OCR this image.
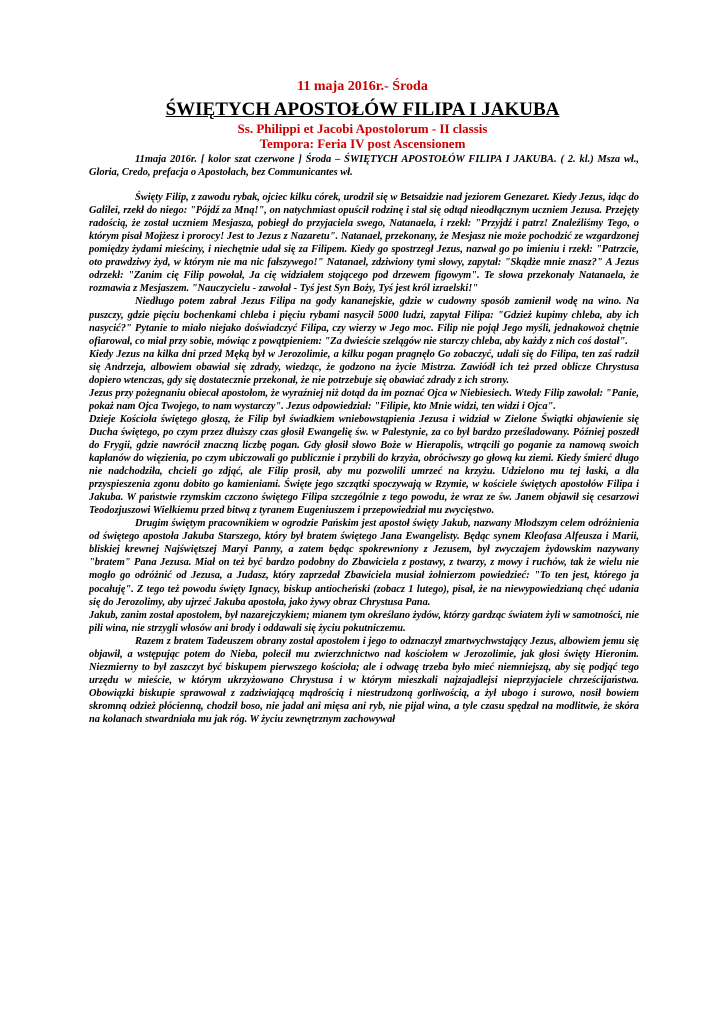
11 maja 2016r.- Środa
ŚWIĘTYCH APOSTOŁÓW FILIPA I JAKUBA
Ss. Philippi et Jacobi Apostolorum - II classis
Tempora: Feria IV post Ascensionem

11maja 2016r. [ kolor szat czerwone ] Środa – ŚWIĘTYCH APOSTOŁÓW FILIPA I JAKUBA. ( 2. kl.) Msza wł., Gloria, Credo, prefacja o Apostołach, bez Communicantes wł.

Święty Filip, z zawodu rybak, ojciec kilku córek, urodził się w Betsaidzie nad jeziorem Genezaret. Kiedy Jezus, idąc do Galilei, rzekł do niego: "Pójdź za Mną!", on natychmiast opuścił rodzinę i stał się odtąd nieodłącznym uczniem Jezusa. Przejęty radością, że został uczniem Mesjasza, pobiegł do przyjaciela swego, Natanaela, i rzekł: "Przyjdź i patrz! Znaleźliśmy Tego, o którym pisał Mojżesz i prorocy! Jest to Jezus z Nazaretu". Natanael, przekonany, że Mesjasz nie może pochodzić ze wzgardzonej pomiędzy żydami mieściny, i niechętnie udał się za Filipem. Kiedy go spostrzegł Jezus, nazwał go po imieniu i rzekł: "Patrzcie, oto prawdziwy żyd, w którym nie ma nic fałszywego!" Natanael, zdziwiony tymi słowy, zapytał: "Skądże mnie znasz?" A Jezus odrzekł: "Zanim cię Filip powołał, Ja cię widziałem stojącego pod drzewem figowym". Te słowa przekonały Natanaela, że rozmawia z Mesjaszem. "Nauczycielu - zawołał - Tyś jest Syn Boży, Tyś jest król izraelski!"

Niedługo potem zabrał Jezus Filipa na gody kananejskie, gdzie w cudowny sposób zamienił wodę na wino. Na puszczy, gdzie pięciu bochenkami chleba i pięciu rybami nasycił 5000 ludzi, zapytał Filipa: "Gdzież kupimy chleba, aby ich nasycić?" Pytanie to miało niejako doświadczyć Filipa, czy wierzy w Jego moc. Filip nie pojął Jego myśli, jednakowoż chętnie ofiarował, co miał przy sobie, mówiąc z powątpieniem: "Za dwieście szelągów nie starczy chleba, aby każdy z nich coś dostał".

Kiedy Jezus na kilka dni przed Męką był w Jerozolimie, a kilku pogan pragnęło Go zobaczyć, udali się do Filipa, ten zaś radził się Andrzeja, albowiem obawiał się zdrady, wiedząc, że godzono na życie Mistrza. Zawiódł ich też przed oblicze Chrystusa dopiero wtenczas, gdy się dostatecznie przekonał, że nie potrzebuje się obawiać zdrady z ich strony.

Jezus przy pożegnaniu obiecał apostołom, że wyraźniej niż dotąd da im poznać Ojca w Niebiesiech. Wtedy Filip zawołał: "Panie, pokaż nam Ojca Twojego, to nam wystarczy". Jezus odpowiedział: "Filipie, kto Mnie widzi, ten widzi i Ojca".

Dzieje Kościoła świętego głoszą, że Filip był świadkiem wniebowstąpienia Jezusa i widział w Zielone Świątki objawienie się Ducha świętego, po czym przez dłuższy czas głosił Ewangelię św. w Palestynie, za co był bardzo prześladowany. Później poszedł do Frygii, gdzie nawrócił znaczną liczbę pogan. Gdy głosił słowo Boże w Hierapolis, wtrącili go poganie za namową swoich kapłanów do więzienia, po czym ubiczowali go publicznie i przybili do krzyża, obróciwszy go głową ku ziemi. Kiedy śmierć długo nie nadchodziła, chcieli go zdjąć, ale Filip prosił, aby mu pozwolili umrzeć na krzyżu. Udzielono mu tej łaski, a dla przyspieszenia zgonu dobito go kamieniami. Święte jego szczątki spoczywają w Rzymie, w kościele świętych apostołów Filipa i Jakuba. W państwie rzymskim czczono świętego Filipa szczególnie z tego powodu, że wraz ze św. Janem objawił się cesarzowi Teodozjuszowi Wielkiemu przed bitwą z tyranem Eugeniuszem i przepowiedział mu zwycięstwo.

Drugim świętym pracownikiem w ogrodzie Pańskim jest apostoł święty Jakub, nazwany Młodszym celem odróżnienia od świętego apostoła Jakuba Starszego, który był bratem świętego Jana Ewangelisty. Będąc synem Kleofasa Alfeusza i Marii, bliskiej krewnej Najświętszej Maryi Panny, a zatem będąc spokrewniony z Jezusem, był zwyczajem żydowskim nazywany "bratem" Pana Jezusa. Miał on też być bardzo podobny do Zbawiciela z postawy, z twarzy, z mowy i ruchów, tak że wielu nie mogło go odróżnić od Jezusa, a Judasz, który zaprzedał Zbawiciela musiał żołnierzom powiedzieć: "To ten jest, którego ja pocałuję". Z tego też powodu święty Ignacy, biskup antiocheński (zobacz 1 lutego), pisał, że na niewypowiedzianą chęć udania się do Jerozolimy, aby ujrzeć Jakuba apostoła, jako żywy obraz Chrystusa Pana.

Jakub, zanim został apostołem, był nazarejczykiem; mianem tym określano żydów, którzy gardząc światem żyli w samotności, nie pili wina, nie strzygli włosów ani brody i oddawali się życiu pokutniczemu.

Razem z bratem Tadeuszem obrany został apostołem i jego to odznaczył zmartwychwstający Jezus, albowiem jemu się objawił, a wstępując potem do Nieba, polecił mu zwierzchnictwo nad kościołem w Jerozolimie, jak głosi święty Hieronim. Niezmierny to był zaszczyt być biskupem pierwszego kościoła; ale i odwagę trzeba było mieć niemniejszą, aby się podjąć tego urzędu w mieście, w którym ukrzyżowano Chrystusa i w którym mieszkali najzajadlejsi nieprzyjaciele chrześcijaństwa. Obowiązki biskupie sprawował z zadziwiającą mądrością i niestrudzoną gorliwością, a żył ubogo i surowo, nosił bowiem skromną odzież płócienną, chodził boso, nie jadał ani mięsa ani ryb, nie pijał wina, a tyle czasu spędzał na modlitwie, że skóra na kolanach stwardniała mu jak róg. W życiu zewnętrznym zachowywał
